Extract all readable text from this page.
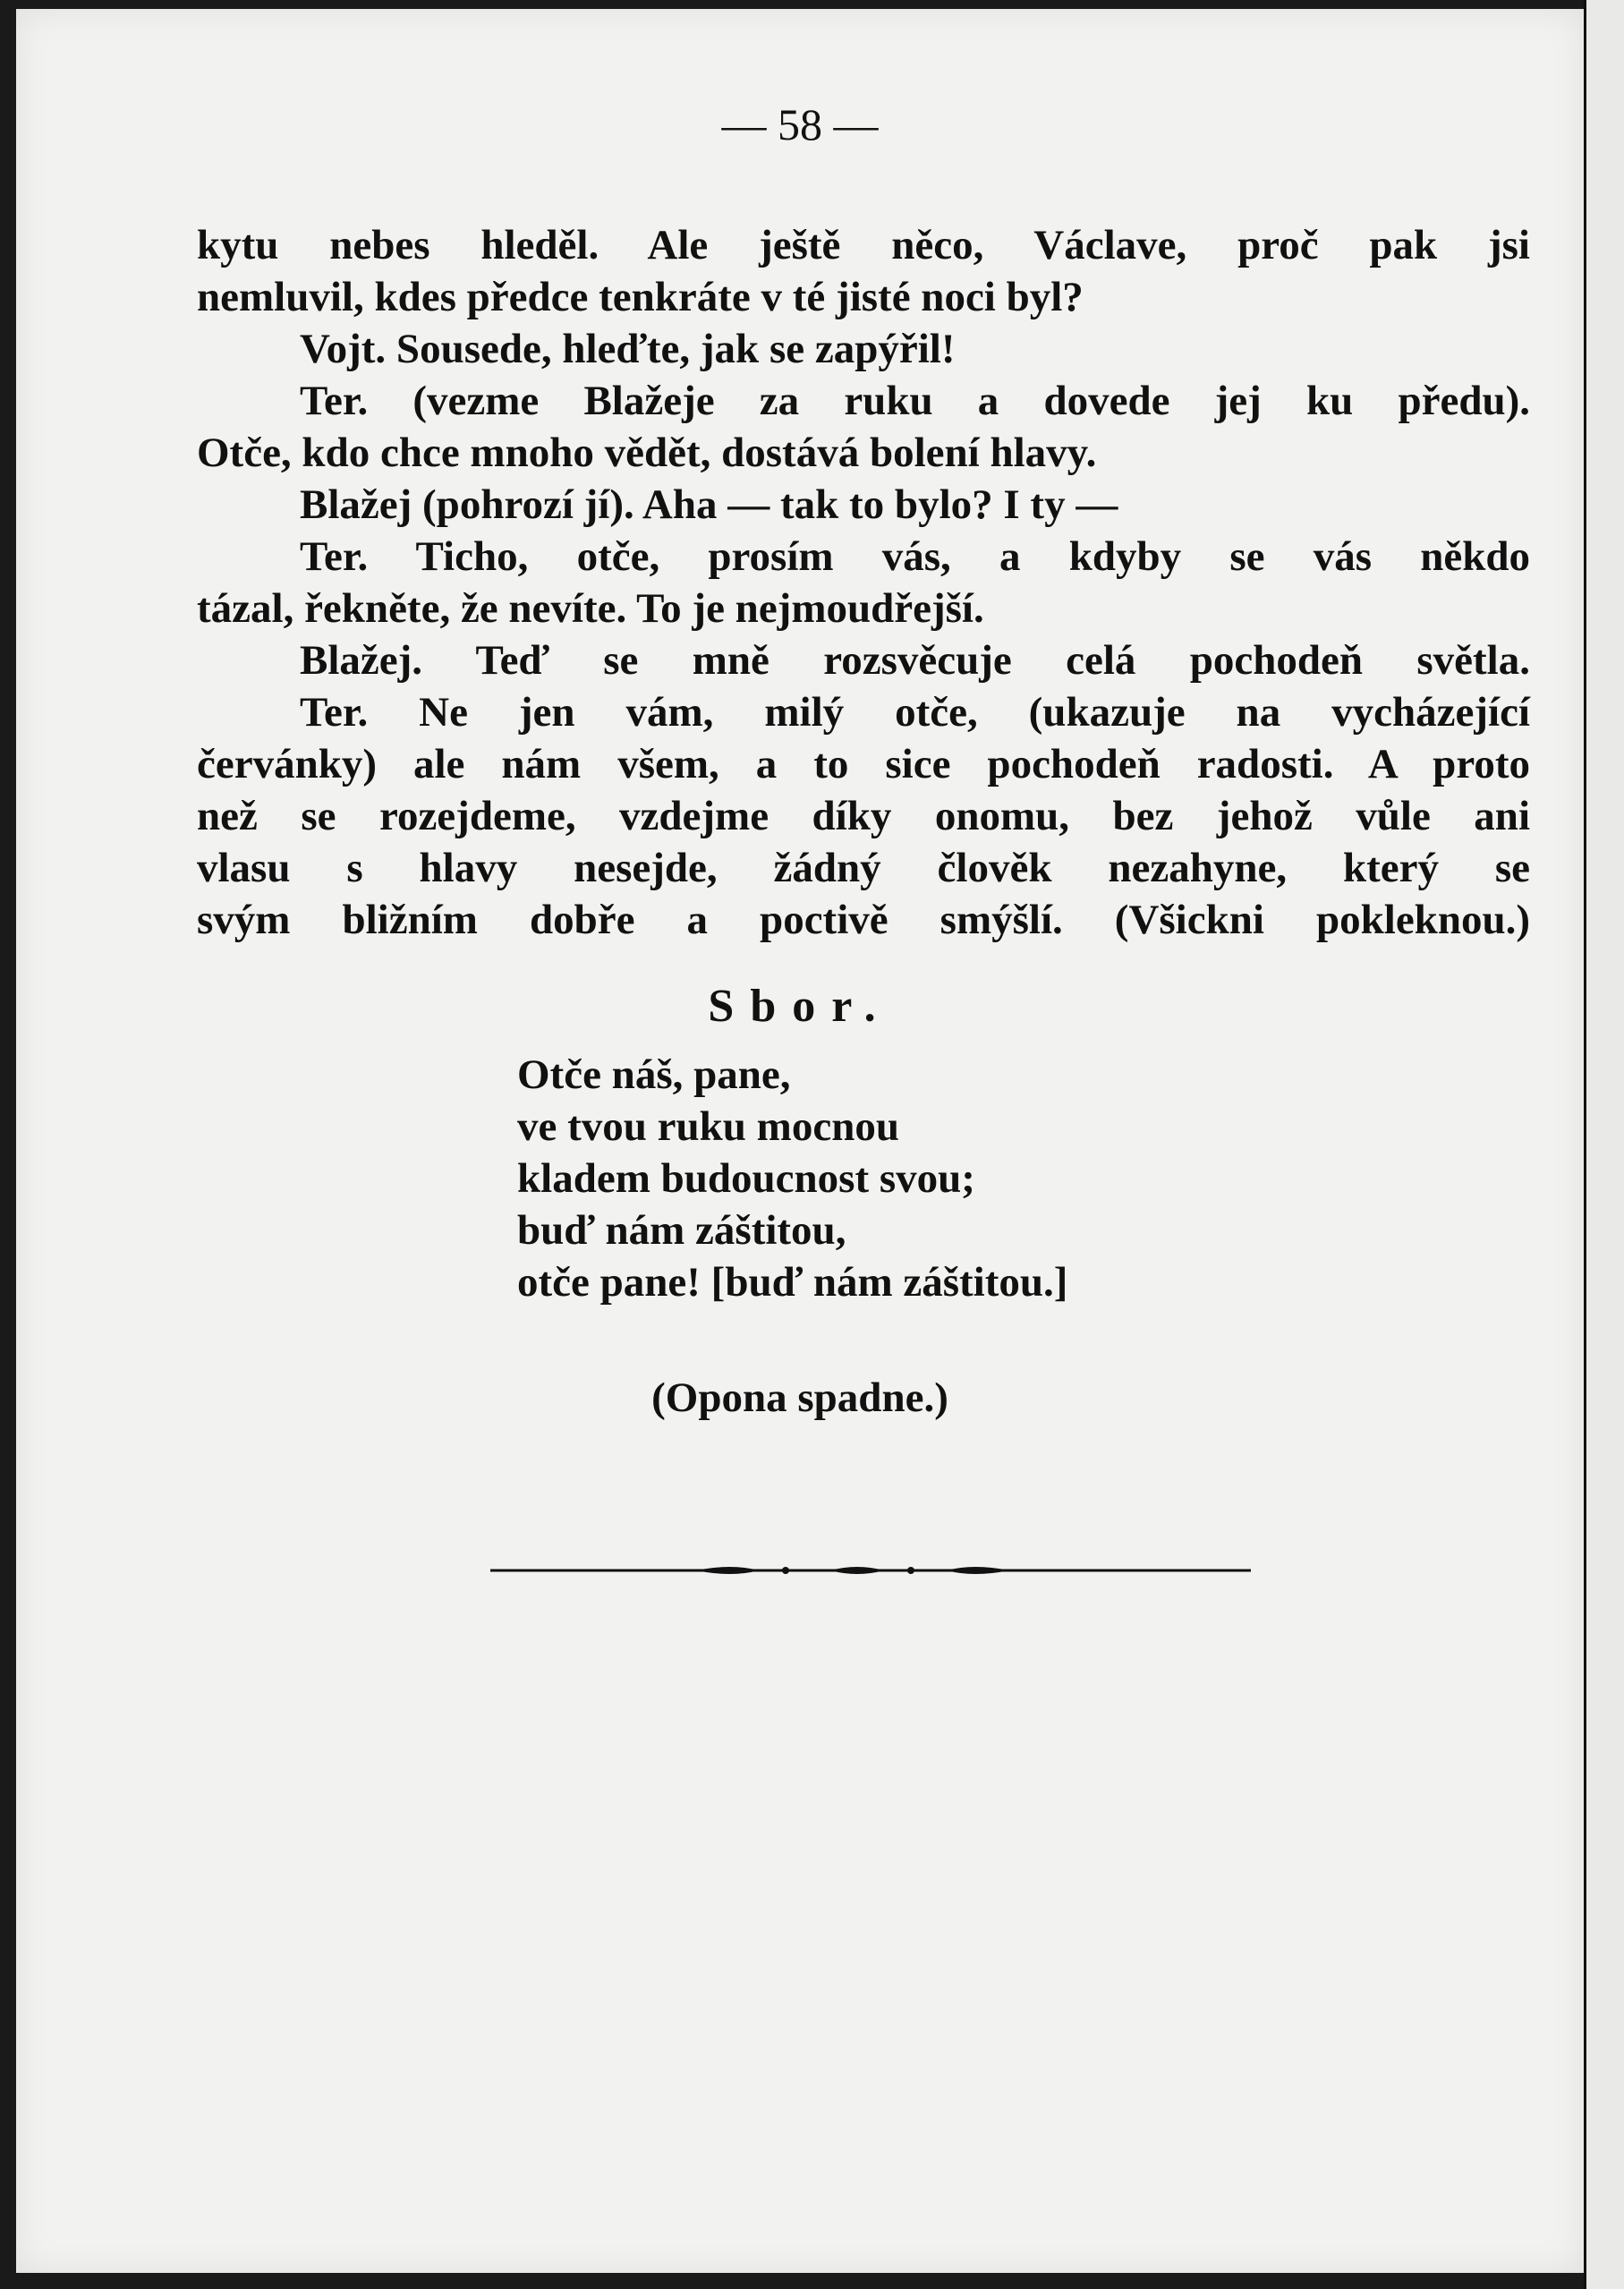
— 58 —
kytu nebes hleděl. Ale ještě něco, Václave, proč pak jsi
nemluvil, kdes předce tenkráte v té jisté noci byl?
Vojt. Sousede, hleďte, jak se zapýřil!
Ter. (vezme Blažeje za ruku a dovede jej ku předu).
Otče, kdo chce mnoho vědět, dostává bolení hlavy.
Blažej (pohrozí jí). Aha — tak to bylo? I ty —
Ter. Ticho, otče, prosím vás, a kdyby se vás někdo
tázal, řekněte, že nevíte. To je nejmoudřejší.
Blažej. Teď se mně rozsvěcuje celá pochodeň světla.
Ter. Ne jen vám, milý otče, (ukazuje na vycházející
červánky) ale nám všem, a to sice pochodeň radosti. A proto
než se rozejdeme, vzdejme díky onomu, bez jehož vůle ani
vlasu s hlavy nesejde, žádný člověk nezahyne, který se
svým bližním dobře a poctivě smýšlí. (Všickni pokleknou.)
Sbor.
Otče náš, pane,
ve tvou ruku mocnou
kladem budoucnost svou;
buď nám záštitou,
otče pane! [buď nám záštitou.]
(Opona spadne.)
